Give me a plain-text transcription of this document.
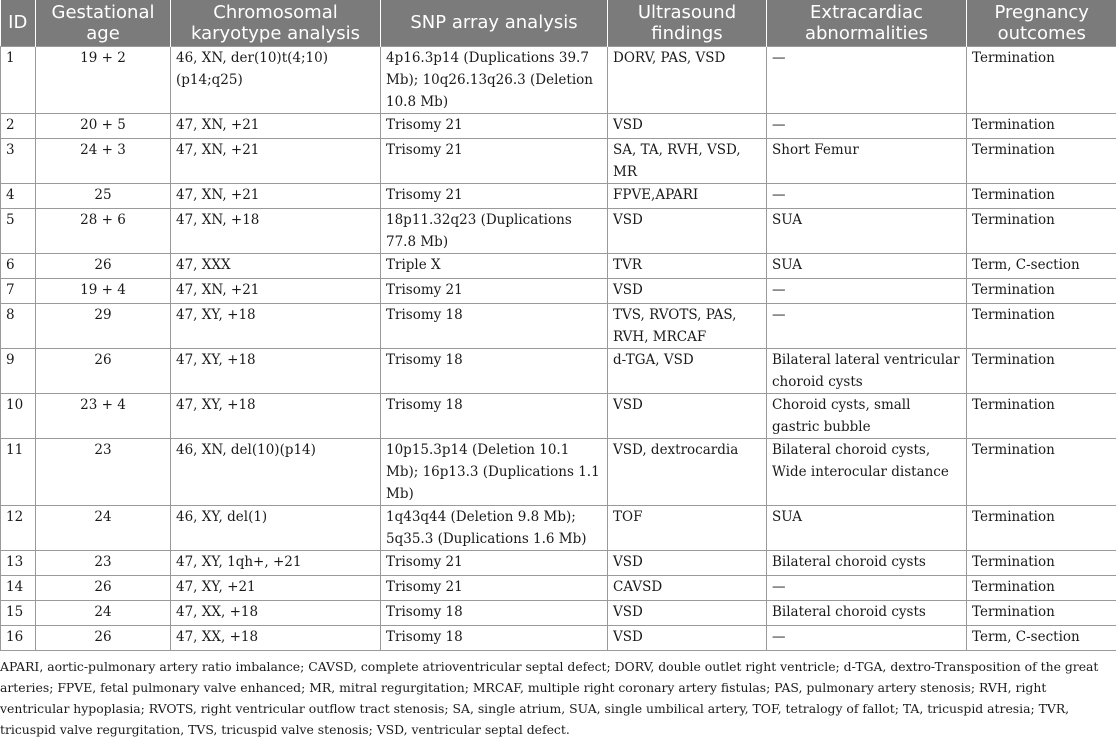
ID	Gestational age	Chromosomal karyotype analysis	SNP array analysis	Ultrasound findings	Extracardiac abnormalities	Pregnancy outcomes
1	19 + 2	46, XN, der(10)t(4;10)(p14;q25)	4p16.3p14 (Duplications 39.7 Mb); 10q26.13q26.3 (Deletion 10.8 Mb)	DORV, PAS, VSD	—	Termination
2	20 + 5	47, XN, +21	Trisomy 21	VSD	—	Termination
3	24 + 3	47, XN, +21	Trisomy 21	SA, TA, RVH, VSD, MR	Short Femur	Termination
4	25	47, XN, +21	Trisomy 21	FPVE,APARI	—	Termination
5	28 + 6	47, XN, +18	18p11.32q23 (Duplications 77.8 Mb)	VSD	SUA	Termination
6	26	47, XXX	Triple X	TVR	SUA	Term, C-section
7	19 + 4	47, XN, +21	Trisomy 21	VSD	—	Termination
8	29	47, XY, +18	Trisomy 18	TVS, RVOTS, PAS, RVH, MRCAF	—	Termination
9	26	47, XY, +18	Trisomy 18	d-TGA, VSD	Bilateral lateral ventricular choroid cysts	Termination
10	23 + 4	47, XY, +18	Trisomy 18	VSD	Choroid cysts, small gastric bubble	Termination
11	23	46, XN, del(10)(p14)	10p15.3p14 (Deletion 10.1 Mb); 16p13.3 (Duplications 1.1 Mb)	VSD, dextrocardia	Bilateral choroid cysts, Wide interocular distance	Termination
12	24	46, XY, del(1)	1q43q44 (Deletion 9.8 Mb); 5q35.3 (Duplications 1.6 Mb)	TOF	SUA	Termination
13	23	47, XY, 1qh+, +21	Trisomy 21	VSD	Bilateral choroid cysts	Termination
14	26	47, XY, +21	Trisomy 21	CAVSD	—	Termination
15	24	47, XX, +18	Trisomy 18	VSD	Bilateral choroid cysts	Termination
16	26	47, XX, +18	Trisomy 18	VSD	—	Term, C-section
APARI, aortic-pulmonary artery ratio imbalance; CAVSD, complete atrioventricular septal defect; DORV, double outlet right ventricle; d-TGA, dextro-Transposition of the great arteries; FPVE, fetal pulmonary valve enhanced; MR, mitral regurgitation; MRCAF, multiple right coronary artery fistulas; PAS, pulmonary artery stenosis; RVH, right ventricular hypoplasia; RVOTS, right ventricular outflow tract stenosis; SA, single atrium, SUA, single umbilical artery, TOF, tetralogy of fallot; TA, tricuspid atresia; TVR, tricuspid valve regurgitation, TVS, tricuspid valve stenosis; VSD, ventricular septal defect.
